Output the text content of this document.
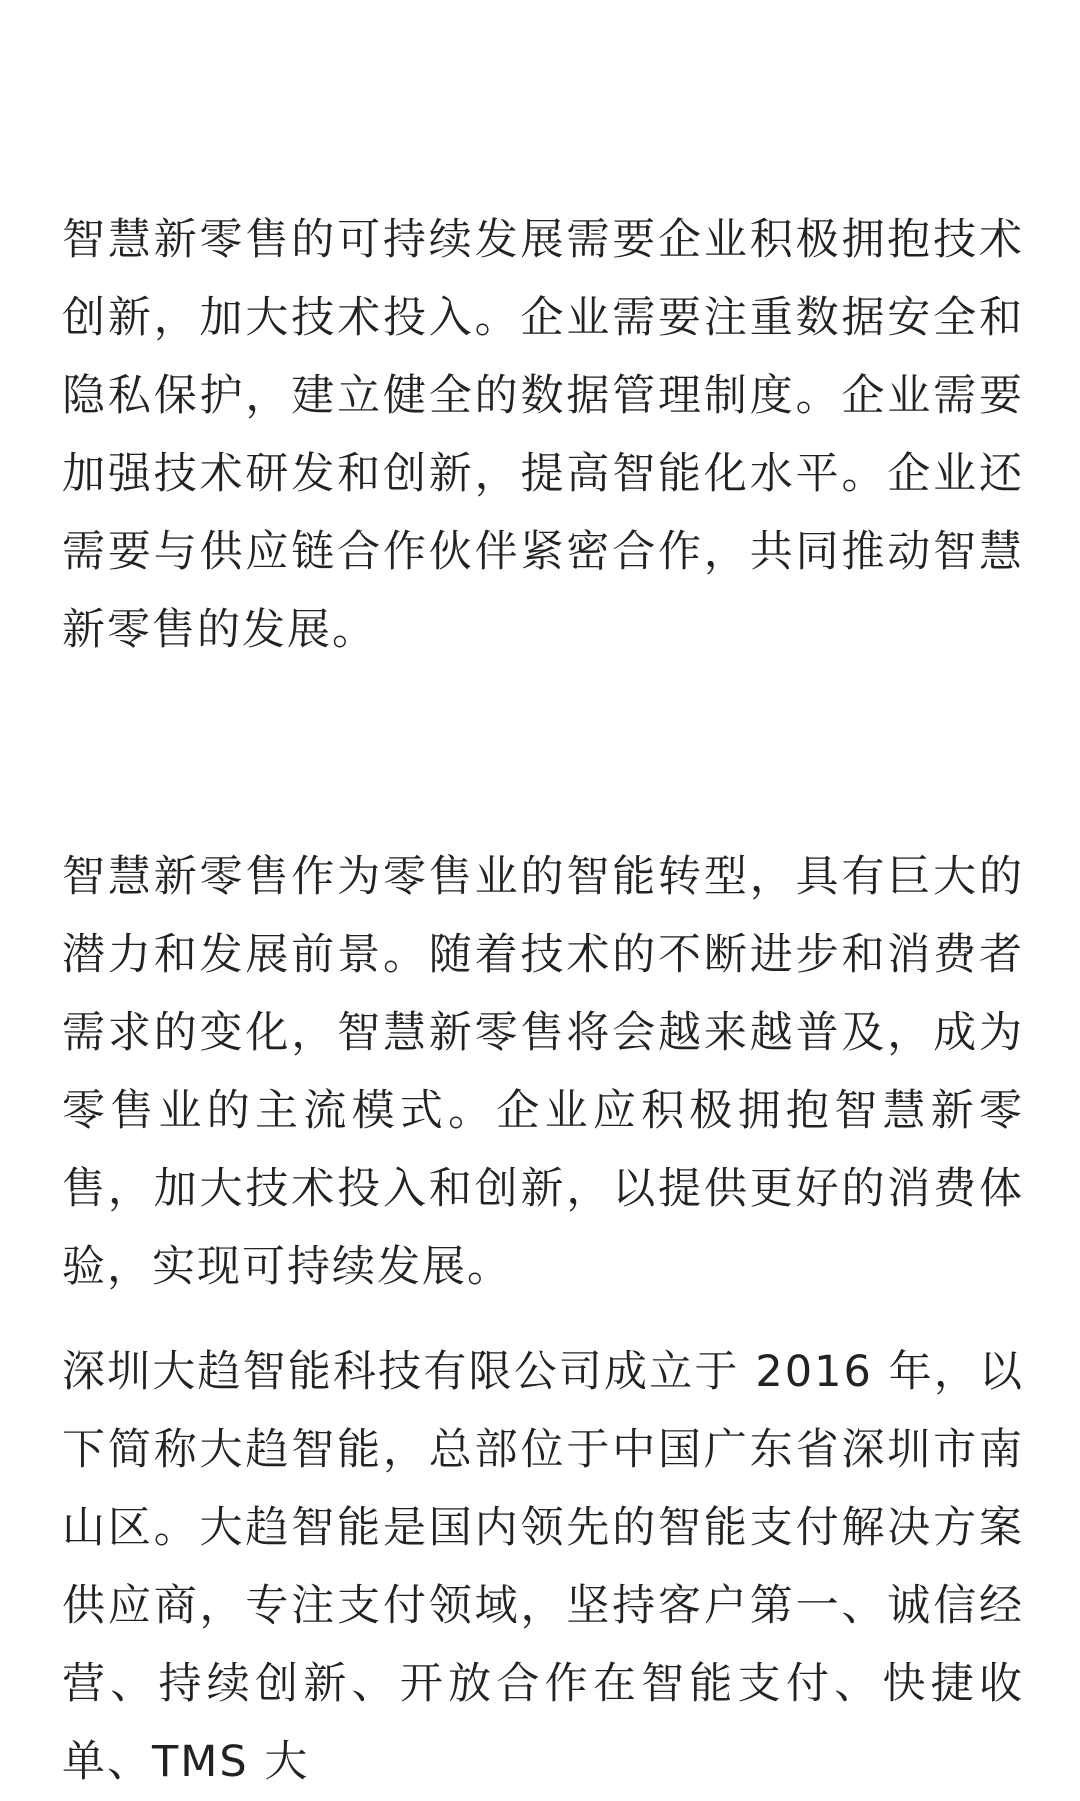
智慧新零售的可持续发展需要企业积极拥抱技术创新，加大技术投入。企业需要注重数据安全和隐私保护，建立健全的数据管理制度。企业需要加强技术研发和创新，提高智能化水平。企业还需要与供应链合作伙伴紧密合作，共同推动智慧新零售的发展。

智慧新零售作为零售业的智能转型，具有巨大的潜力和发展前景。随着技术的不断进步和消费者需求的变化，智慧新零售将会越来越普及，成为零售业的主流模式。企业应积极拥抱智慧新零售，加大技术投入和创新，以提供更好的消费体验，实现可持续发展。

深圳大趋智能科技有限公司成立于 2016 年，以下简称大趋智能，总部位于中国广东省深圳市南山区。大趋智能是国内领先的智能支付解决方案供应商，专注支付领域，坚持客户第一、诚信经营、持续创新、开放合作在智能支付、快捷收单、TMS 大
